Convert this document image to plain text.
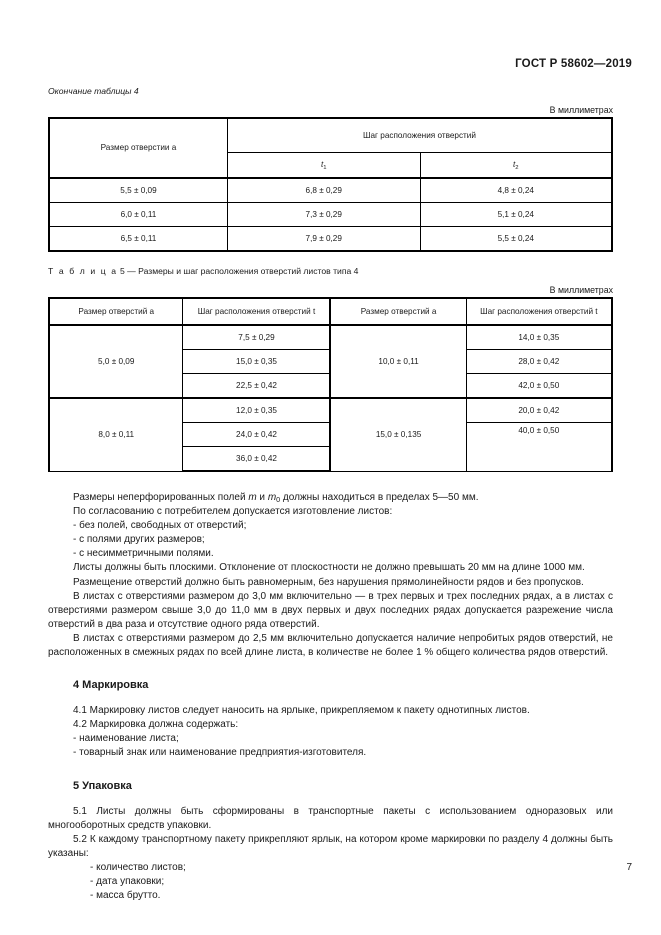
ГОСТ Р 58602—2019
Окончание таблицы 4
В миллиметрах
Размер отверстии a	Шаг расположения отверстий	
	$t_1$	$t_2$
5,5 ± 0,09	6,8 ± 0,29	4,8 ± 0,24
6,0 ± 0,11	7,3 ± 0,29	5,1 ± 0,24
6,5 ± 0,11	7,9 ± 0,29	5,5 ± 0,24
Т а б л и ц а 5 — Размеры и шаг расположения отверстий листов типа 4
В миллиметрах
Размер отверстий a	Шаг расположения отверстий t	Размер отверстий a	Шаг расположения отверстий t
5,0 ± 0,09	7,5 ± 0,29	10,0 ± 0,11	14,0 ± 0,35
	15,0 ± 0,35		28,0 ± 0,42
	22,5 ± 0,42		42,0 ± 0,50
8,0 ± 0,11	12,0 ± 0,35	15,0 ± 0,135	20,0 ± 0,42
	24,0 ± 0,42		40,0 ± 0,50
	36,0 ± 0,42		

Размеры неперфорированных полей m и $m_0$ должны находиться в пределах 5—50 мм.

По согласованию с потребителем допускается изготовление листов:

- без полей, свободных от отверстий;

- с полями других размеров;

- с несимметричными полями.

Листы должны быть плоскими. Отклонение от плоскостности не должно превышать 20 мм на длине 1000 мм.

Размещение отверстий должно быть равномерным, без нарушения прямолинейности рядов и без пропусков.

В листах с отверстиями размером до 3,0 мм включительно — в трех первых и трех последних рядах, а в листах с отверстиями размером свыше 3,0 до 11,0 мм в двух первых и двух последних рядах допускается разрежение числа отверстий в два раза и отсутствие одного ряда отверстий.

В листах с отверстиями размером до 2,5 мм включительно допускается наличие непробитых рядов отверстий, не расположенных в смежных рядах по всей длине листа, в количестве не более 1 % общего количества рядов отверстий.

4 Маркировка

4.1 Маркировку листов следует наносить на ярлыке, прикрепляемом к пакету однотипных листов.

4.2 Маркировка должна содержать:

- наименование листа;

- товарный знак или наименование предприятия-изготовителя.

5 Упаковка

5.1 Листы должны быть сформированы в транспортные пакеты с использованием одноразовых или многооборотных средств упаковки.

5.2 К каждому транспортному пакету прикрепляют ярлык, на котором кроме маркировки по разделу 4 должны быть указаны:

- количество листов;

- дата упаковки;

- масса брутто.

7
